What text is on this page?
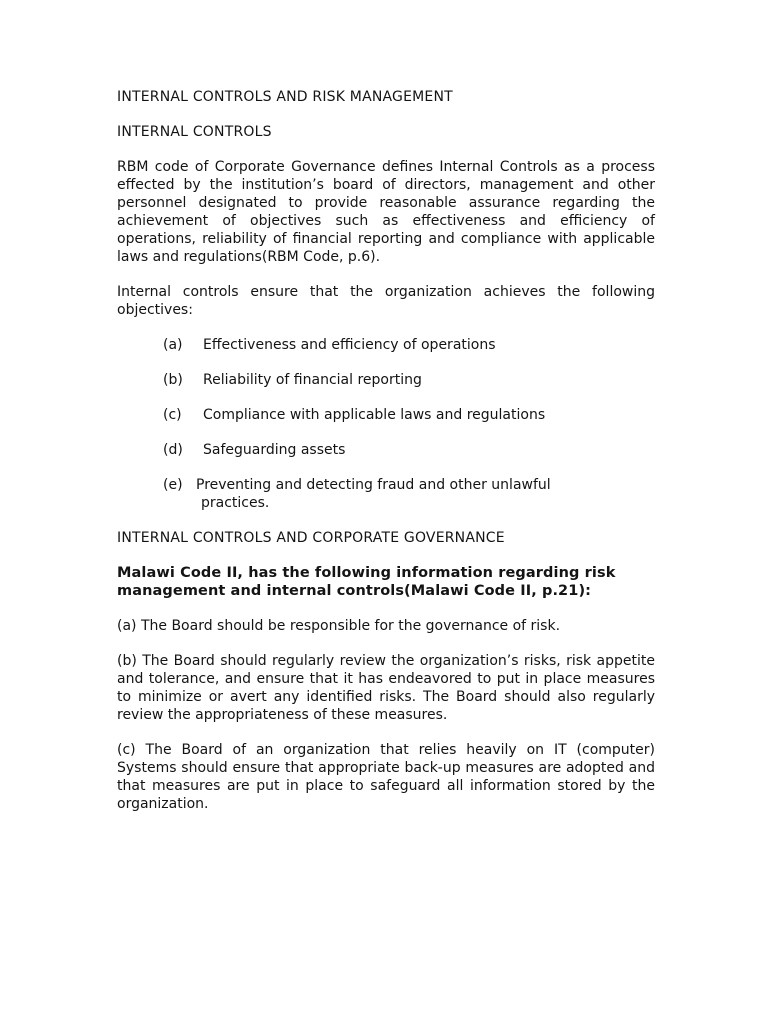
INTERNAL CONTROLS AND RISK MANAGEMENT
INTERNAL CONTROLS
RBM code of Corporate Governance defines Internal Controls as a process effected by the institution’s board of directors, management and other personnel designated to provide reasonable assurance regarding the achievement of objectives such as effectiveness and efficiency of operations, reliability of financial reporting and compliance with applicable laws and regulations(RBM Code, p.6).
Internal controls ensure that the organization achieves the following objectives:
(a) Effectiveness and efficiency of operations
(b) Reliability of financial reporting
(c) Compliance with applicable laws and regulations
(d) Safeguarding assets
(e) Preventing and detecting fraud and other unlawful
practices.
INTERNAL CONTROLS AND CORPORATE GOVERNANCE
Malawi Code II, has the following information regarding risk management and internal controls(Malawi Code II, p.21):
(a) The Board should be responsible for the governance of risk.
(b) The Board should regularly review the organization’s risks, risk appetite and tolerance, and ensure that it has endeavored to put in place measures to minimize or avert any identified risks. The Board should also regularly review the appropriateness of these measures.
(c) The Board of an organization that relies heavily on IT (computer) Systems should ensure that appropriate back-up measures are adopted and that measures are put in place to safeguard all information stored by the organization.
